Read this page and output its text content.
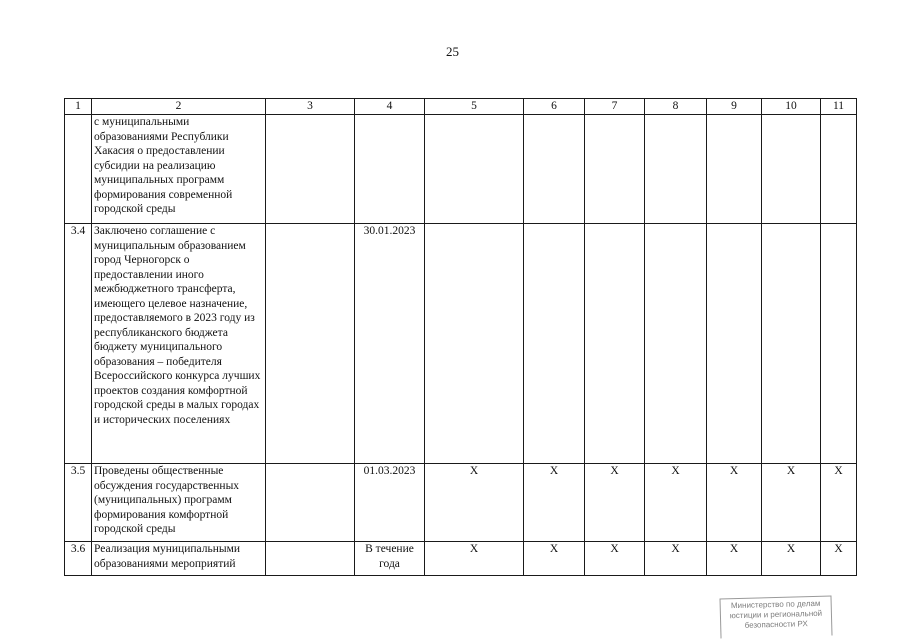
25
1	2	3	4	5	6	7	8	9	10	11
	с муниципальными образованиями Республики Хакасия о предоставлении субсидии на реализацию муниципальных программ формирования современной городской среды									
3.4	Заключено соглашение с муниципальным образованием город Черногорск о предоставлении иного межбюджетного трансферта, имеющего целевое назначение, предоставляемого в 2023 году из республиканского бюджета бюджету муниципального образования – победителя Всероссийского конкурса лучших проектов создания комфортной городской среды в малых городах и исторических поселениях		30.01.2023							
3.5	Проведены общественные обсуждения государственных (муниципальных) программ формирования комфортной городской среды		01.03.2023	Х	Х	Х	Х	Х	Х	Х
3.6	Реализация муниципальными образованиями мероприятий		В течение года	Х	Х	Х	Х	Х	Х	Х
Министерство по делам
юстиции и региональной
безопасности РХ
